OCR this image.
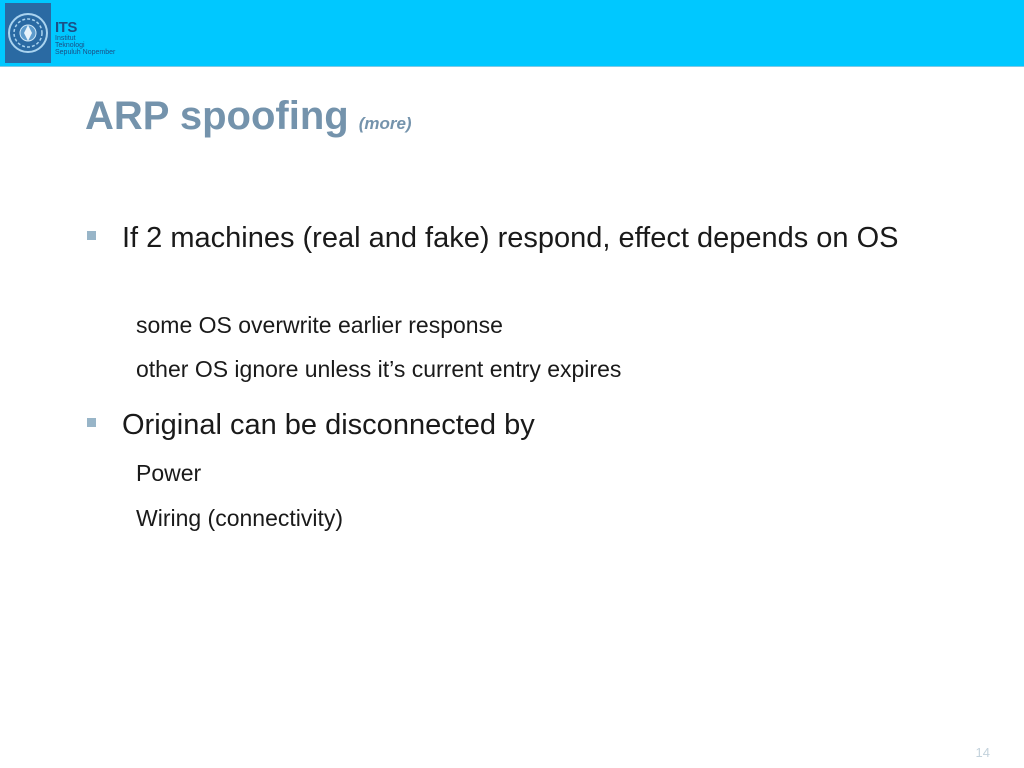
ITS
Institut
Teknologi
Sepuluh Nopember
ARP spoofing (more)
If 2 machines (real and fake) respond, effect depends on OS
some OS overwrite earlier response
other OS ignore unless it’s current entry expires
Original can be disconnected by
Power
Wiring (connectivity)
14
